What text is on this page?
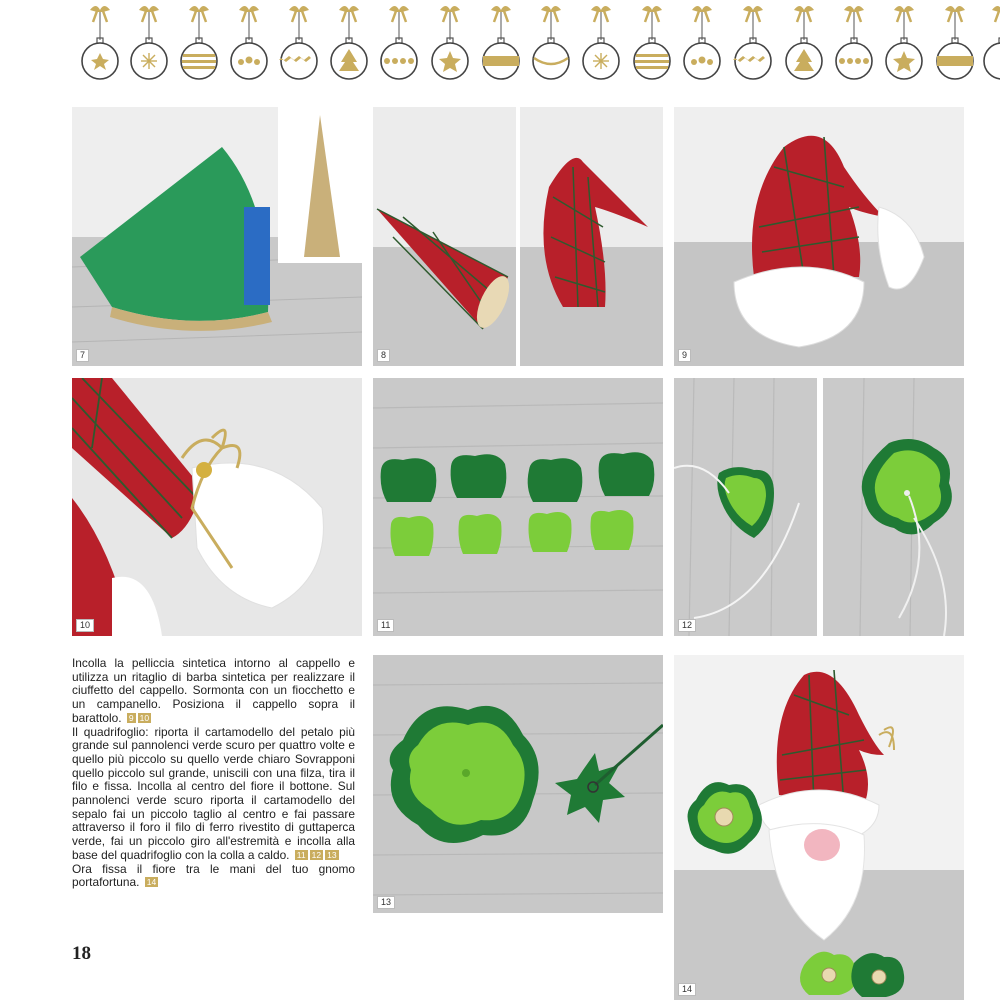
7	8	9
10	11	12

Incolla la pelliccia sintetica intorno al cappello e utilizza un ritaglio di barba sintetica per realizzare il ciuffetto del cappello. Sormonta con un fiocchetto e un campanello. Posiziona il cappello sopra il barattolo. 9 10

Il quadrifoglio: riporta il cartamodello del petalo più grande sul pannolenci verde scuro per quattro volte e quello più piccolo su quello verde chiaro Sovrapponi quello piccolo sul grande, uniscili con una filza, tira il filo e fissa. Incolla al centro del fiore il bottone. Sul pannolenci verde scuro riporta il cartamodello del sepalo fai un piccolo taglio al centro e fai passare attraverso il foro il filo di ferro rivestito di guttaperca verde, fai un piccolo giro all'estremità e incolla alla base del quadrifoglio con la colla a caldo. 11 12 13

Ora fissa il fiore tra le mani del tuo gnomo portafortuna. 14

13
14
18
